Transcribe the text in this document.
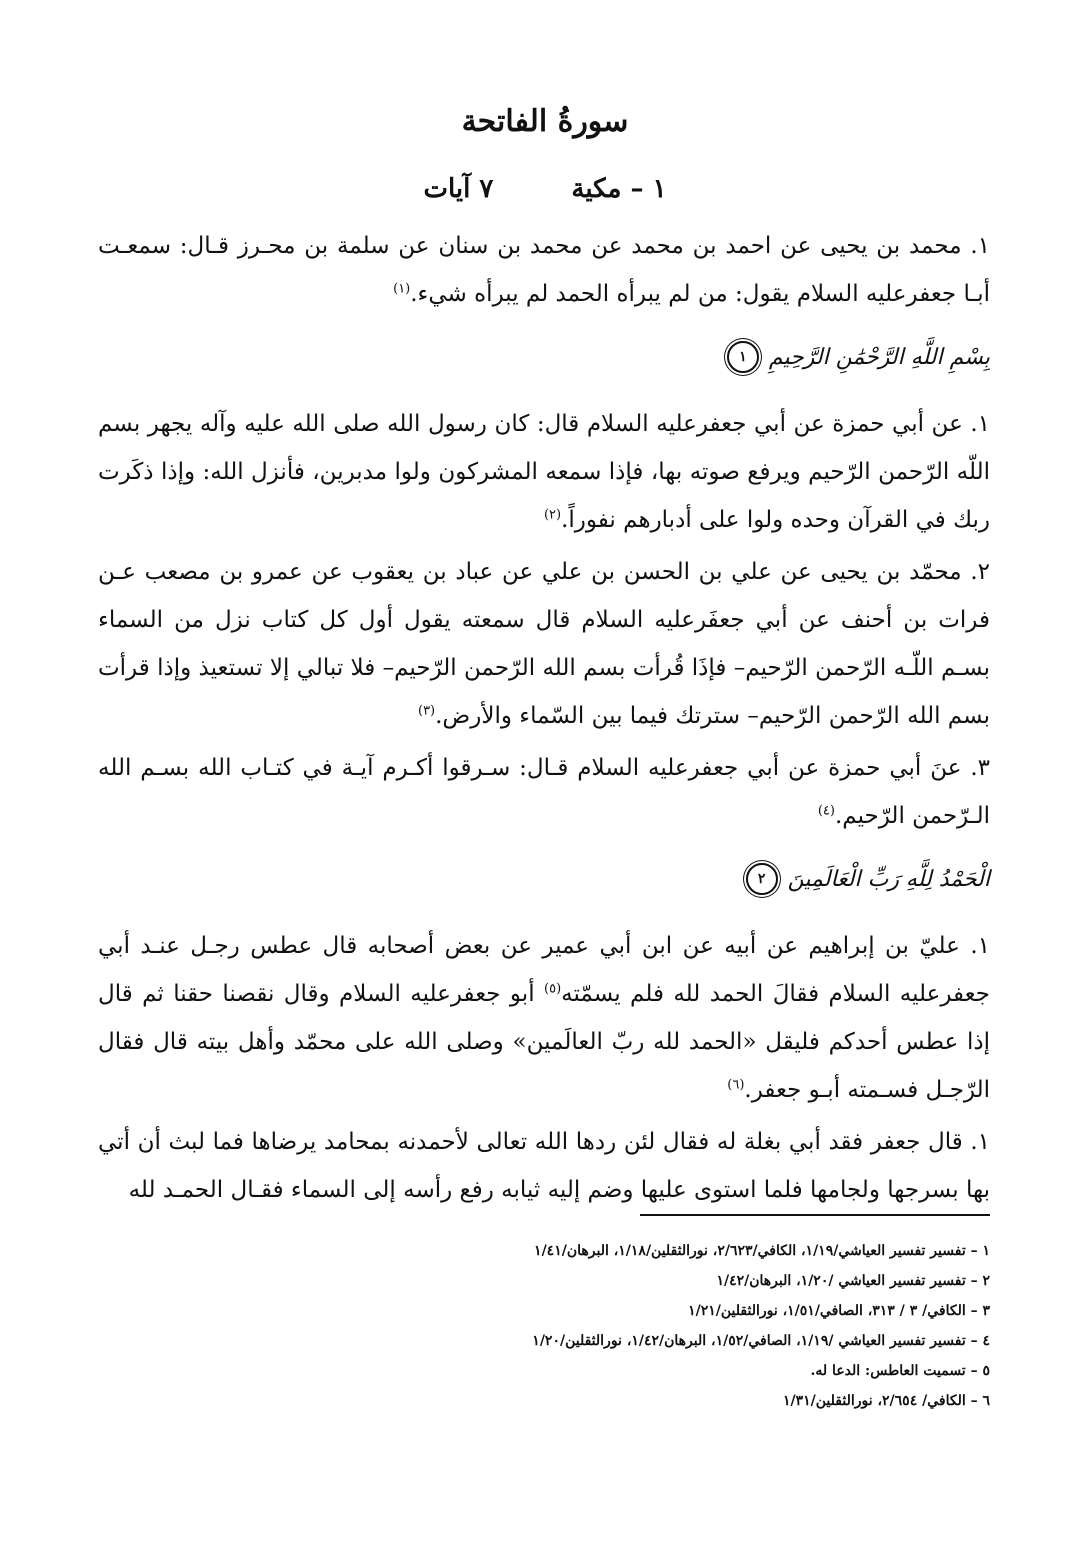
سورةُ الفاتحة
١ – مكية
٧ آيات

١. محمد بن يحيى عن احمد بن محمد عن محمد بن سنان عن سلمة بن محـرز قـال: سمعـت أبـا جعفرعليه السلام يقول: من لم يبرأه الحمد لم يبرأه شيء.$^{(١)}$

بِسْمِ اللَّهِ الرَّحْمَٰنِ الرَّحِيمِ
١

١. عن أبي حمزة عن أبي جعفرعليه السلام قال: كان رسول الله صلى الله عليه وآله يجهر بسم اللّه الرّحمن الرّحيم ويرفع صوته بها، فإذا سمعه المشركون ولوا مدبرين، فأنزل الله: وإذا ذكَرت ربك في القرآن وحده ولوا على أدبارهم نفوراً.$^{(٢)}$

٢. محمّد بن يحيى عن علي بن الحسن بن علي عن عباد بن يعقوب عن عمرو بن مصعب عـن فرات بن أحنف عن أبي جعفَرعليه السلام قال سمعته يقول أول كل كتاب نزل من السماء بسـم اللّـه الرّحمن الرّحيم– فإذَا قُرأت بسم الله الرّحمن الرّحيم– فلا تبالي إلا تستعيذ وإذا قرأت بسم الله الرّحمن الرّحيم– سترتك فيما بين السّماء والأرض.$^{(٣)}$

٣. عنَ أبي حمزة عن أبي جعفرعليه السلام قـال: سـرقوا أكـرم آيـة في كتـاب الله بسـم الله الـرّحمن الرّحيم.$^{(٤)}$

الْحَمْدُ لِلَّهِ رَبِّ الْعَالَمِينَ
٢

١. عليّ بن إبراهيم عن أبيه عن ابن أبي عمير عن بعض أصحابه قال عطس رجـل عنـد أبي جعفرعليه السلام فقالَ الحمد لله فلم يسمّته$^{(٥)}$ أبو جعفرعليه السلام وقال نقصنا حقنا ثم قال إذا عطس أحدكم فليقل «الحمد لله ربّ العالَمين» وصلى الله على محمّد وأهل بيته قال فقال الرّجـل فسـمته أبـو جعفر.$^{(٦)}$

١. قال جعفر فقد أبي بغلة له فقال لئن ردها الله تعالى لأحمدنه بمحامد يرضاها فما لبث أن أتي بها بسرجها ولجامها فلما استوى عليها وضم إليه ثيابه رفع رأسه إلى السماء فقـال الحمـد لله

١ – تفسير تفسير العياشي/١/١٩، الكافي/٢/٦٢٣، نورالثقلين/١/١٨، البرهان/١/٤١
٢ – تفسير تفسير العياشي /١/٢٠، البرهان/١/٤٢
٣ – الكافي/ ٣ / ٣١٣، الصافي/١/٥١، نورالثقلين/١/٢١
٤ – تفسير تفسير العياشي /١/١٩، الصافي/١/٥٢، البرهان/١/٤٢، نورالثقلين/١/٢٠
٥ – تسميت العاطس: الدعا له.
٦ – الكافي/ ٢/٦٥٤، نورالثقلين/١/٣١
